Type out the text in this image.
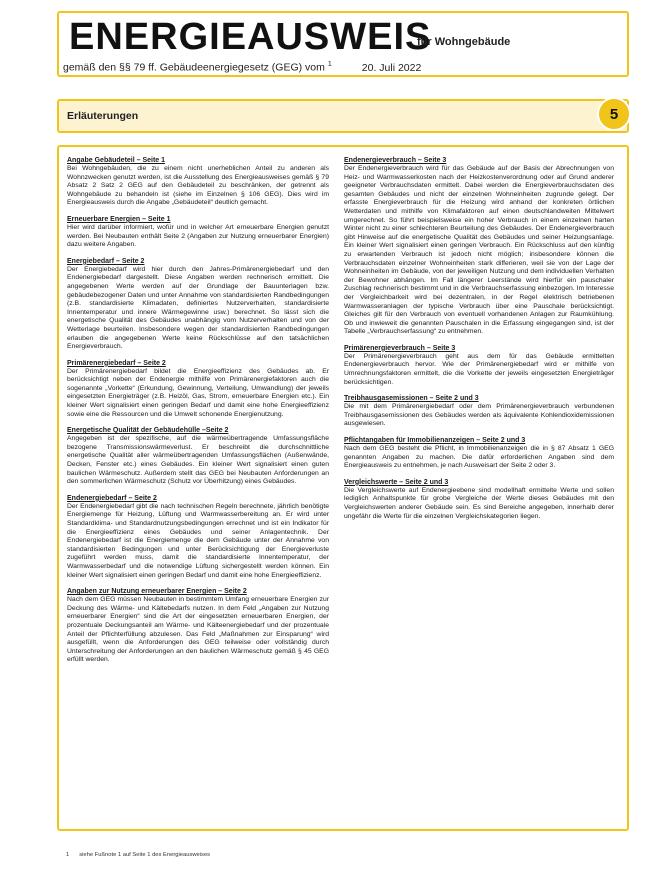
ENERGIEAUSWEIS
für Wohngebäude
gemäß den §§ 79 ff. Gebäudeenergiegesetz (GEG) vom $^1$	20. Juli 2022
Erläuterungen	5

Angabe Gebäudeteil – Seite 1

Bei Wohngebäuden, die zu einem nicht unerheblichen Anteil zu anderen als Wohnzwecken genutzt werden, ist die Ausstellung des Energieausweises gemäß § 79 Absatz 2 Satz 2 GEG auf den Gebäudeteil zu beschränken, der getrennt als Wohngebäude zu behandeln ist (siehe im Einzelnen § 106 GEG). Dies wird im Energieausweis durch die Angabe „Gebäudeteil“ deutlich gemacht.

Erneuerbare Energien – Seite 1

Hier wird darüber informiert, wofür und in welcher Art erneuerbare Energien genutzt werden. Bei Neubauten enthält Seite 2 (Angaben zur Nutzung erneuerbarer Energien) dazu weitere Angaben.

Energiebedarf – Seite 2

Der Energiebedarf wird hier durch den Jahres-Primärenergiebedarf und den Endenergiebedarf dargestellt. Diese Angaben werden rechnerisch ermittelt. Die angegebenen Werte werden auf der Grundlage der Bauunterlagen bzw. gebäudebezogener Daten und unter Annahme von standardisierten Randbedingungen (z.B. standardisierte Klimadaten, definiertes Nutzerverhalten, standardisierte Innentemperatur und innere Wärmegewinne usw.) berechnet. So lässt sich die energetische Qualität des Gebäudes unabhängig vom Nutzerverhalten und von der Wetterlage beurteilen. Insbesondere wegen der standardisierten Randbedingungen erlauben die angegebenen Werte keine Rückschlüsse auf den tatsächlichen Energieverbrauch.

Primärenergiebedarf – Seite 2

Der Primärenergiebedarf bildet die Energieeffizienz des Gebäudes ab. Er berücksichtigt neben der Endenergie mithilfe von Primärenergiefaktoren auch die sogenannte „Vorkette“ (Erkundung, Gewinnung, Verteilung, Umwandlung) der jeweils eingesetzten Energieträger (z.B. Heizöl, Gas, Strom, erneuerbare Energien etc.). Ein kleiner Wert signalisiert einen geringen Bedarf und damit eine hohe Energieeffizienz sowie eine die Ressourcen und die Umwelt schonende Energienutzung.

Energetische Qualität der Gebäudehülle –Seite 2

Angegeben ist der spezifische, auf die wärmeübertragende Umfassungsfläche bezogene Transmissionswärmeverlust. Er beschreibt die durchschnittliche energetische Qualität aller wärmeübertragenden Umfassungsflächen (Außenwände, Decken, Fenster etc.) eines Gebäudes. Ein kleiner Wert signalisiert einen guten baulichen Wärmeschutz. Außerdem stellt das GEG bei Neubauten Anforderungen an den sommerlichen Wärmeschutz (Schutz vor Überhitzung) eines Gebäudes.

Endenergiebedarf – Seite 2

Der Endenergiebedarf gibt die nach technischen Regeln berechnete, jährlich benötigte Energiemenge für Heizung, Lüftung und Warmwasserbereitung an. Er wird unter Standardklima- und Standardnutzungsbedingungen errechnet und ist ein Indikator für die Energieeffizienz eines Gebäudes und seiner Anlagentechnik. Der Endenergiebedarf ist die Energiemenge die dem Gebäude unter der Annahme von standardisierten Bedingungen und unter Berücksichtigung der Energieverluste zugeführt werden muss, damit die standardisierte Innentemperatur, der Warmwasserbedarf und die notwendige Lüftung sichergestellt werden können. Ein kleiner Wert signalisiert einen geringen Bedarf und damit eine hohe Energieeffizienz.

Angaben zur Nutzung erneuerbarer Energien – Seite 2

Nach dem GEG müssen Neubauten in bestimmtem Umfang erneuerbare Energien zur Deckung des Wärme- und Kältebedarfs nutzen. In dem Feld „Angaben zur Nutzung erneuerbarer Energien“ sind die Art der eingesetzten erneuerbaren Energien, der prozentuale Deckungsanteil am Wärme- und Kälteenergiebedarf und der prozentuale Anteil der Pflichterfüllung abzulesen. Das Feld „Maßnahmen zur Einsparung“ wird ausgefüllt, wenn die Anforderungen des GEG teilweise oder vollständig durch Unterschreitung der Anforderungen an den baulichen Wärmeschutz gemäß § 45 GEG erfüllt werden.

Endenergieverbrauch – Seite 3

Der Endenergieverbrauch wird für das Gebäude auf der Basis der Abrechnungen von Heiz- und Warmwasserkosten nach der Heizkostenverordnung oder auf Grund anderer geeigneter Verbrauchsdaten ermittelt. Dabei werden die Energieverbrauchsdaten des gesamten Gebäudes und nicht der einzelnen Wohneinheiten zugrunde gelegt. Der erfasste Energieverbrauch für die Heizung wird anhand der konkreten örtlichen Wetterdaten und mithilfe von Klimafaktoren auf einen deutschlandweiten Mittelwert umgerechnet. So führt beispielsweise ein hoher Verbrauch in einem einzelnen harten Winter nicht zu einer schlechteren Beurteilung des Gebäudes. Der Endenergieverbrauch gibt Hinweise auf die energetische Qualität des Gebäudes und seiner Heizungsanlage. Ein kleiner Wert signalisiert einen geringen Verbrauch. Ein Rückschluss auf den künftig zu erwartenden Verbrauch ist jedoch nicht möglich; insbesondere können die Verbrauchsdaten einzelner Wohneinheiten stark differieren, weil sie von der Lage der Wohneinheiten im Gebäude, von der jeweiligen Nutzung und dem individuellen Verhalten der Bewohner abhängen. Im Fall längerer Leerstände wird hierfür ein pauschaler Zuschlag rechnerisch bestimmt und in die Verbrauchserfassung einbezogen. Im Interesse der Vergleichbarkeit wird bei dezentralen, in der Regel elektrisch betriebenen Warmwasseranlagen der typische Verbrauch über eine Pauschale berücksichtigt. Gleiches gilt für den Verbrauch von eventuell vorhandenen Anlagen zur Raumkühlung. Ob und inwieweit die genannten Pauschalen in die Erfassung eingegangen sind, ist der Tabelle „Verbrauchserfassung“ zu entnehmen.

Primärenergieverbrauch – Seite 3

Der Primärenergieverbrauch geht aus dem für das Gebäude ermittelten Endenergieverbrauch hervor. Wie der Primärenergiebedarf wird er mithilfe von Umrechnungsfaktoren ermittelt, die die Vorkette der jeweils eingesetzten Energieträger berücksichtigen.

Treibhausgasemissionen – Seite 2 und 3

Die mit dem Primärenergiebedarf oder dem Primärenergieverbrauch verbundenen Treibhausgasemissionen des Gebäudes werden als äquivalente Kohlendioxidemissionen ausgewiesen.

Pflichtangaben für Immobilienanzeigen – Seite 2 und 3

Nach dem GEG besteht die Pflicht, in Immobilienanzeigen die in § 87 Absatz 1 GEG genannten Angaben zu machen. Die dafür erforderlichen Angaben sind dem Energieausweis zu entnehmen, je nach Ausweisart der Seite 2 oder 3.

Vergleichswerte – Seite 2 und 3

Die Vergleichswerte auf Endenergieebene sind modellhaft ermittelte Werte und sollen lediglich Anhaltspunkte für grobe Vergleiche der Werte dieses Gebäudes mit den Vergleichswerten anderer Gebäude sein. Es sind Bereiche angegeben, innerhalb derer ungefähr die Werte für die einzelnen Vergleichskategorien liegen.

1 siehe Fußnote 1 auf Seite 1 des Energieausweises
